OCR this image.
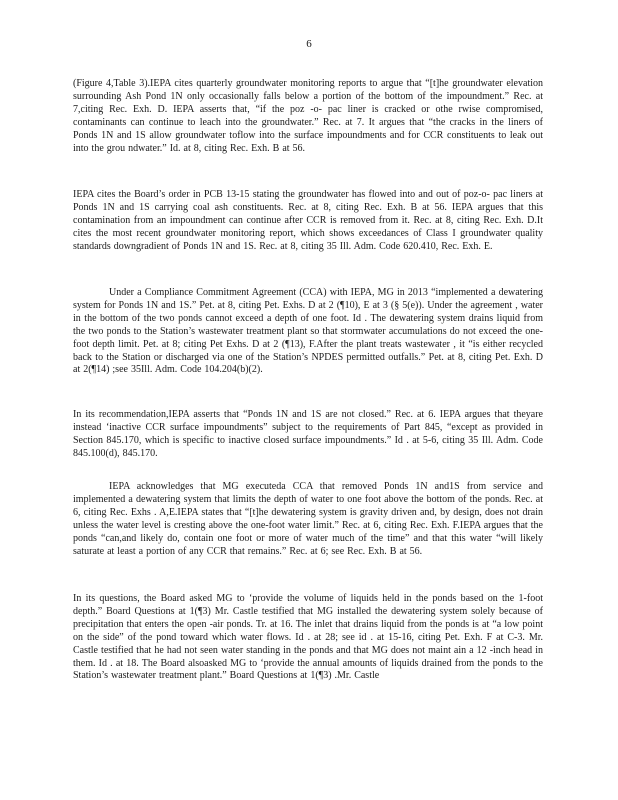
6

(Figure 4,Table 3).IEPA cites quarterly groundwater monitoring reports to argue that “[t]he groundwater elevation surrounding Ash Pond 1N only occasionally falls below a portion of the bottom of the impoundment.” Rec. at 7,citing Rec. Exh. D. IEPA asserts that, “if the poz -o- pac liner is cracked or othe rwise compromised, contaminants can continue to leach into the groundwater.” Rec. at 7. It argues that “the cracks in the liners of Ponds 1N and 1S allow groundwater toflow into the surface impoundments and for CCR constituents to leak out into the grou ndwater.” Id. at 8, citing Rec. Exh. B at 56.

IEPA cites the Board’s order in PCB 13-15 stating the groundwater has flowed into and out of poz-o- pac liners at Ponds 1N and 1S carrying coal ash constituents. Rec. at 8, citing Rec. Exh. B at 56. IEPA argues that this contamination from an impoundment can continue after CCR is removed from it. Rec. at 8, citing Rec. Exh. D.It cites the most recent groundwater monitoring report, which shows exceedances of Class I groundwater quality standards downgradient of Ponds 1N and 1S. Rec. at 8, citing 35 Ill. Adm. Code 620.410, Rec. Exh. E.

Under a Compliance Commitment Agreement (CCA) with IEPA, MG in 2013 “implemented a dewatering system for Ponds 1N and 1S.” Pet. at 8, citing Pet. Exhs. D at 2 (¶10), E at 3 (§ 5(e)). Under the agreement , water in the bottom of the two ponds cannot exceed a depth of one foot. Id . The dewatering system drains liquid from the two ponds to the Station’s wastewater treatment plant so that stormwater accumulations do not exceed the one-foot depth limit. Pet. at 8; citing Pet Exhs. D at 2 (¶13), F.After the plant treats wastewater , it “is either recycled back to the Station or discharged via one of the Station’s NPDES permitted outfalls.” Pet. at 8, citing Pet. Exh. D at 2(¶14) ;see 35Ill. Adm. Code 104.204(b)(2).

In its recommendation,IEPA asserts that “Ponds 1N and 1S are not closed.” Rec. at 6. IEPA argues that theyare instead ‘inactive CCR surface impoundments” subject to the requirements of Part 845, “except as provided in Section 845.170, which is specific to inactive closed surface impoundments.” Id . at 5-6, citing 35 Ill. Adm. Code 845.100(d), 845.170.

IEPA acknowledges that MG executeda CCA that removed Ponds 1N and1S from service and implemented a dewatering system that limits the depth of water to one foot above the bottom of the ponds. Rec. at 6, citing Rec. Exhs . A,E.IEPA states that “[t]he dewatering system is gravity driven and, by design, does not drain unless the water level is cresting above the one-foot water limit.” Rec. at 6, citing Rec. Exh. F.IEPA argues that the ponds “can,and likely do, contain one foot or more of water much of the time” and that this water “will likely saturate at least a portion of any CCR that remains.” Rec. at 6; see Rec. Exh. B at 56.

In its questions, the Board asked MG to ‘provide the volume of liquids held in the ponds based on the 1-foot depth.” Board Questions at 1(¶3) Mr. Castle testified that MG installed the dewatering system solely because of precipitation that enters the open -air ponds. Tr. at 16. The inlet that drains liquid from the ponds is at “a low point on the side” of the pond toward which water flows. Id . at 28; see id . at 15-16, citing Pet. Exh. F at C-3. Mr. Castle testified that he had not seen water standing in the ponds and that MG does not maint ain a 12 -inch head in them. Id . at 18. The Board alsoasked MG to ‘provide the annual amounts of liquids drained from the ponds to the Station’s wastewater treatment plant.” Board Questions at 1(¶3) .Mr. Castle
